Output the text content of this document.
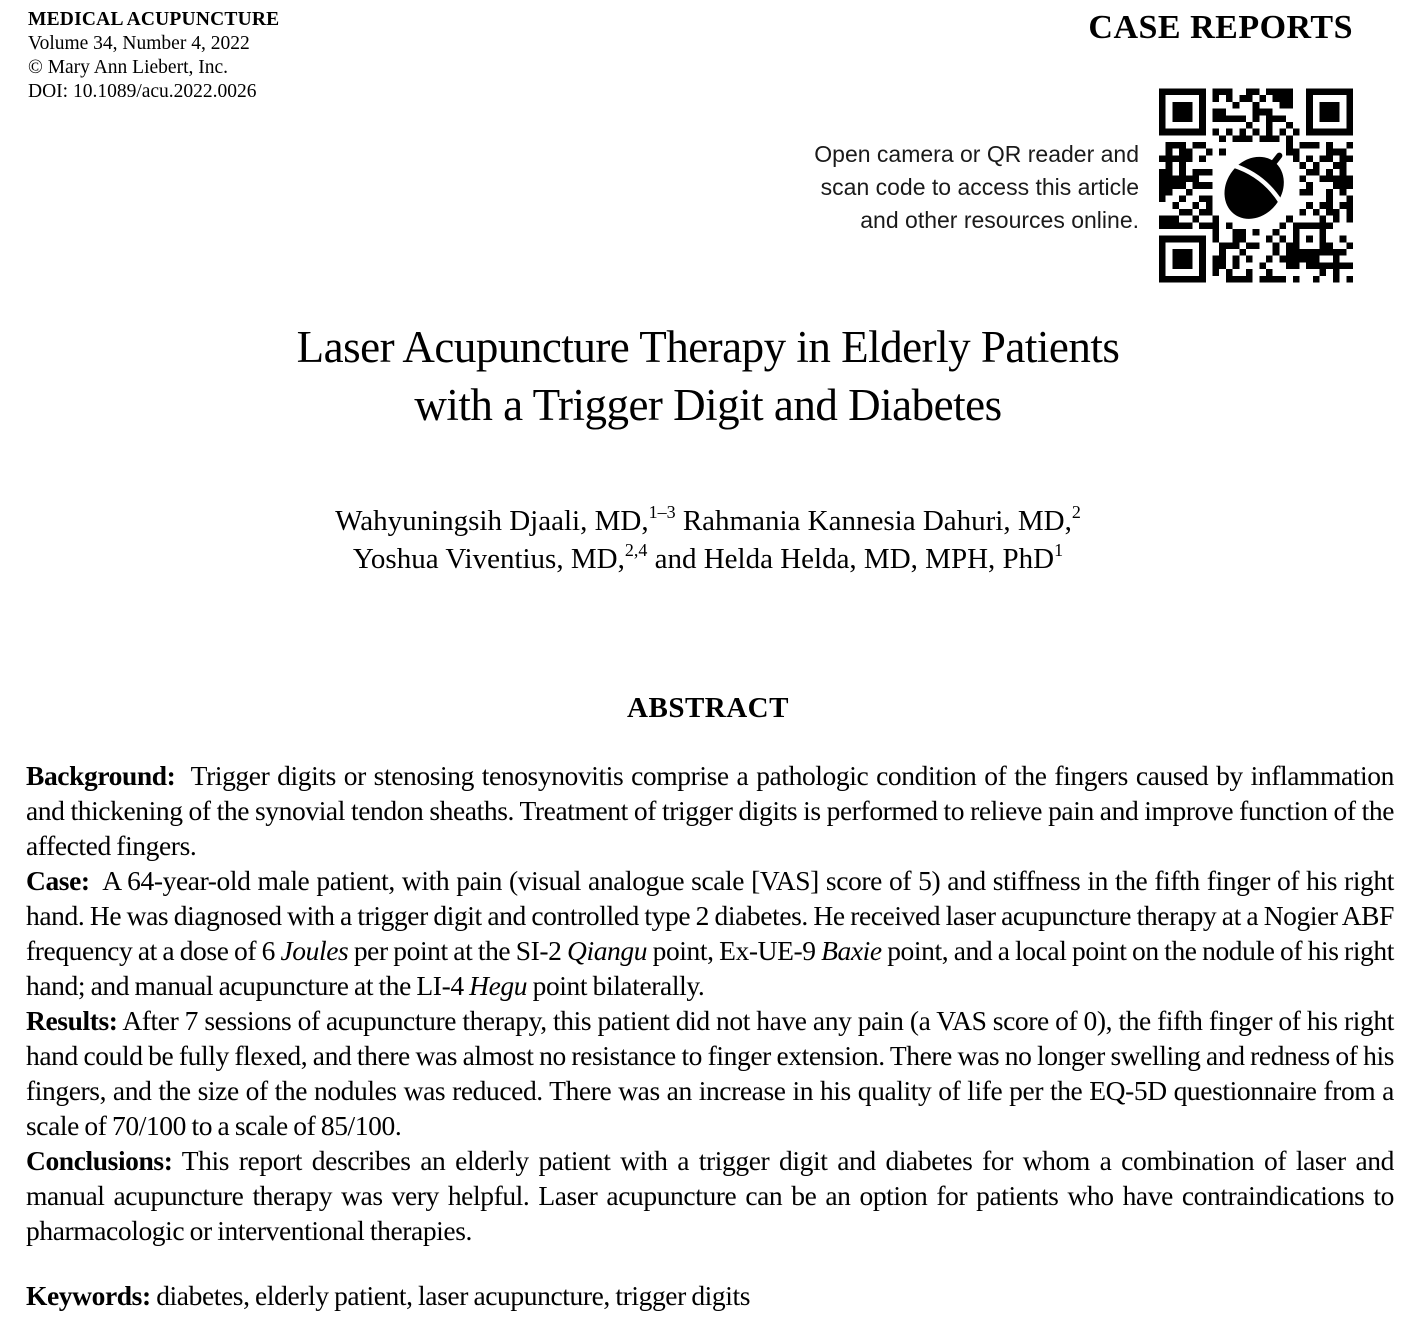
MEDICAL ACUPUNCTURE
Volume 34, Number 4, 2022
© Mary Ann Liebert, Inc.
DOI: 10.1089/acu.2022.0026
CASE REPORTS
Open camera or QR reader and
scan code to access this article
and other resources online.
Laser Acupuncture Therapy in Elderly Patients
with a Trigger Digit and Diabetes
Wahyuningsih Djaali, MD,$^{1-3}$ Rahmania Kannesia Dahuri, MD,$^2$
Yoshua Viventius, MD,$^{2,4}$ and Helda Helda, MD, MPH, PhD$^1$
ABSTRACT

Background:  Trigger digits or stenosing tenosynovitis comprise a pathologic condition of the fingers caused by inflammation and thickening of the synovial tendon sheaths. Treatment of trigger digits is performed to relieve pain and improve function of the affected fingers.

Case:  A 64-year-old male patient, with pain (visual analogue scale [VAS] score of 5) and stiffness in the fifth finger of his right hand. He was diagnosed with a trigger digit and controlled type 2 diabetes. He received laser acupuncture therapy at a Nogier ABF frequency at a dose of 6 Joules per point at the SI-2 Qiangu point, Ex-UE-9 Baxie point, and a local point on the nodule of his right hand; and manual acupuncture at the LI-4 Hegu point bilaterally.

Results: After 7 sessions of acupuncture therapy, this patient did not have any pain (a VAS score of 0), the fifth finger of his right hand could be fully flexed, and there was almost no resistance to finger extension. There was no longer swelling and redness of his fingers, and the size of the nodules was reduced. There was an increase in his quality of life per the EQ-5D questionnaire from a scale of 70/100 to a scale of 85/100.

Conclusions: This report describes an elderly patient with a trigger digit and diabetes for whom a combination of laser and manual acupuncture therapy was very helpful. Laser acupuncture can be an option for patients who have contraindications to pharmacologic or interventional therapies.

Keywords: diabetes, elderly patient, laser acupuncture, trigger digits
